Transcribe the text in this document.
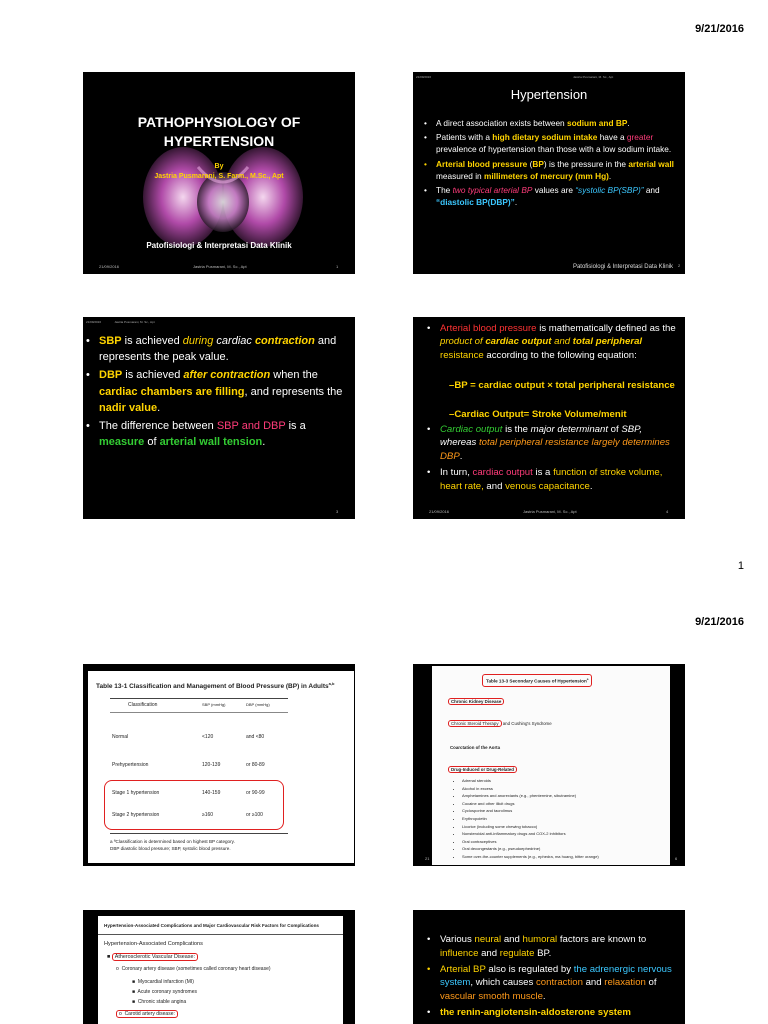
9/21/2016
PATHOPHYSIOLOGY OF
HYPERTENSION
By
Jastria Pusmarani, S. Farm., M.Sc., Apt
Patofisiologi & Interpretasi Data Klinik
21/09/2016	Jastria Pusmarani, M. Sc., Apt	1
21/09/2016	Jastria Pusmarani, M. Sc., Apt
Hypertension
• A direct association exists between sodium and BP.
• Patients with a high dietary sodium intake have a greater prevalence of hypertension than those with a low sodium intake.
• Arterial blood pressure (BP) is the pressure in the arterial wall measured in millimeters of mercury (mm Hg).
• The two typical arterial BP values are “systolic BP(SBP)” and “diastolic BP(DBP)”.
Patofisiologi & Interpretasi Data Klinik 2
21/09/2016                Jastria Pusmarani, M. Sc., Apt
• SBP is achieved during cardiac contraction and represents the peak value.
• DBP is achieved after contraction when the cardiac chambers are filling, and represents the nadir value.
• The difference between SBP and DBP is a measure of arterial wall tension.
3
• Arterial blood pressure is mathematically defined as the product of cardiac output and total peripheral resistance according to the following equation:
–BP = cardiac output × total peripheral resistance
–Cardiac Output= Stroke Volume/menit
• Cardiac output is the major determinant of SBP, whereas total peripheral resistance largely determines DBP.
• In turn, cardiac output is a function of stroke volume, heart rate, and venous capacitance.
21/09/2016	Jastria Pusmarani, M. Sc., Apt	4
1
9/21/2016
Table 13-1 Classification and Management of Blood Pressure (BP) in Adults$^{a,b}$
Classification	SBP (mmHg)	DBP (mmHg)
Normal	<120	and <80
Prehypertension	120-139	or 80-89
Stage 1 hypertension	140-159	or 90-99
Stage 2 hypertension	≥160	or ≥100
a ªClassification is determined based on highest BP category.
DBP diastolic blood pressure; SBP, systolic blood pressure.
Table 13-3 Secondary Causes of Hypertension$^a$
Chronic Kidney Disease
Chronic Steroid Therapy and Cushing's Syndrome
Coarctation of the Aorta
Drug-Induced or Drug-Related
• Adrenal steroids
• Alcohol in excess
• Amphetamines and anorexiants (e.g., phentermine, sibutramine)
• Cocaine and other illicit drugs
• Cyclosporine and tacrolimus
• Erythropoietin
• Licorice (including some chewing tobacco)
• Nonsteroidal anti-inflammatory drugs and COX-2 inhibitors
• Oral contraceptives
• Oral decongestants (e.g., pseudoephedrine)
• Some over-the-counter supplements (e.g., ephedra, ma huang, bitter orange)
21	6
Hypertension-Associated Complications and Major Cardiovascular Risk Factors for Complications
Hypertension-Associated Complications
■ Atherosclerotic Vascular Disease:
o  Coronary artery disease (sometimes called coronary heart disease)
■  Myocardial infarction (MI)
■  Acute coronary syndromes
■  Chronic stable angina
o  Carotid artery disease:
• Various neural and humoral factors are known to influence and regulate BP.
• Arterial BP also is regulated by the adrenergic nervous system, which causes contraction and relaxation of vascular smooth muscle.
• the renin-angiotensin-aldosterone system
